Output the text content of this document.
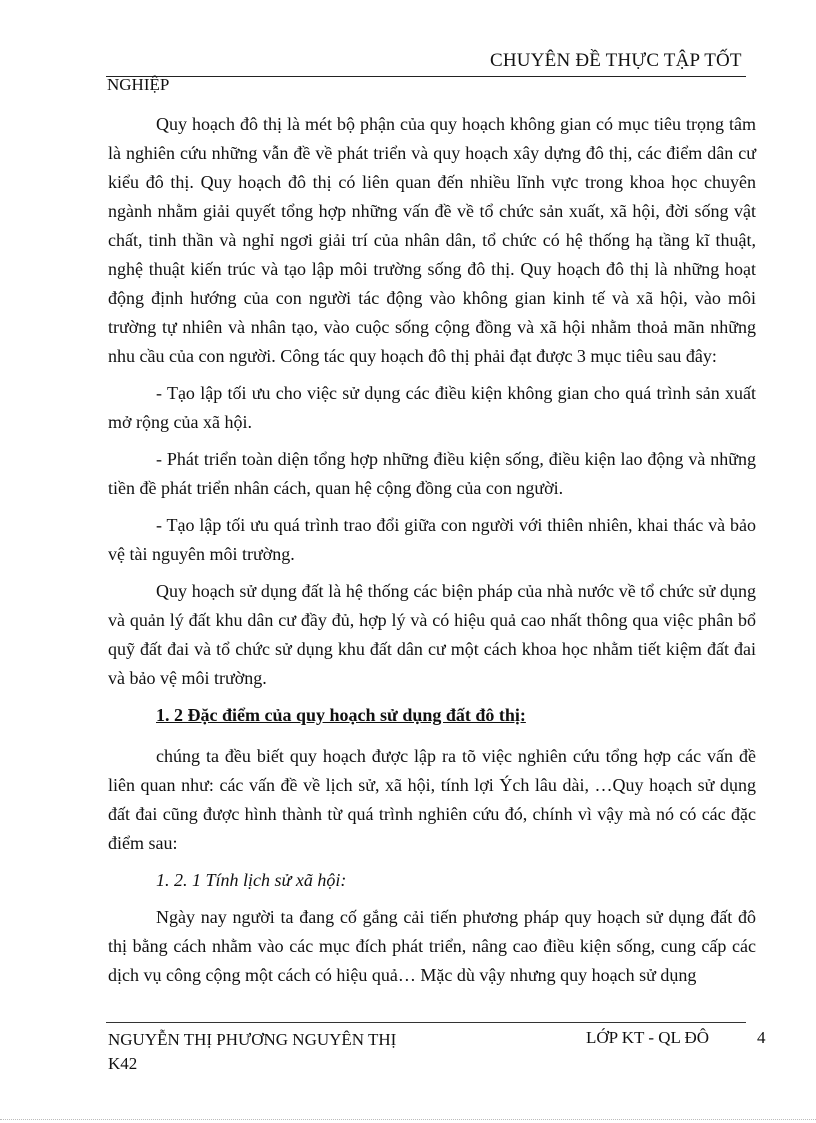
CHUYÊN ĐỀ THỰC TẬP TỐT
NGHIỆP

Quy hoạch đô thị là mét bộ phận của quy hoạch không gian có mục tiêu trọng tâm là nghiên cứu những vẫn đề về phát triển và quy hoạch xây dựng đô thị, các điểm dân cư kiểu đô thị. Quy hoạch đô thị có liên quan đến nhiều lĩnh vực trong khoa học chuyên ngành nhằm giải quyết tổng hợp những vấn đề về tổ chức sản xuất, xã hội, đời sống vật chất, tinh thần và nghỉ ngơi giải trí của nhân dân, tổ chức có hệ thống hạ tầng kĩ thuật, nghệ thuật kiến trúc và tạo lập môi trường sống đô thị. Quy hoạch đô thị là những hoạt động định hướng của con người tác động vào không gian kinh tế và xã hội, vào môi trường tự nhiên và nhân tạo, vào cuộc sống cộng đồng và xã hội nhằm thoả mãn những nhu cầu của con người. Công tác quy hoạch đô thị phải đạt được 3 mục tiêu sau đây:

- Tạo lập tối ưu cho việc sử dụng các điều kiện không gian cho quá trình sản xuất mở rộng của xã hội.

- Phát triển toàn diện tổng hợp những điều kiện sống, điều kiện lao động và những tiền đề phát triển nhân cách, quan hệ cộng đồng của con người.

- Tạo lập tối ưu quá trình trao đổi giữa con người với thiên nhiên, khai thác và bảo vệ tài nguyên môi trường.

Quy hoạch sử dụng đất là hệ thống các biện pháp của nhà nước về tổ chức sử dụng và quản lý đất khu dân cư đầy đủ, hợp lý và có hiệu quả cao nhất thông qua việc phân bổ quỹ đất đai và tổ chức sử dụng khu đất dân cư một cách khoa học nhằm tiết kiệm đất đai và bảo vệ môi trường.

1. 2 Đặc điểm của quy hoạch sử dụng đất đô thị:

chúng ta đều biết quy hoạch được lập ra tõ việc nghiên cứu tổng hợp các vấn đề liên quan như: các vấn đề về lịch sử, xã hội, tính lợi Ých lâu dài, …Quy hoạch sử dụng đất đai cũng được hình thành từ quá trình nghiên cứu đó, chính vì vậy mà nó có các đặc điểm sau:

1. 2. 1 Tính lịch sử xã hội:

Ngày nay người ta đang cố gắng cải tiến phương pháp quy hoạch sử dụng đất đô thị bằng cách nhằm vào các mục đích phát triển, nâng cao điều kiện sống, cung cấp các dịch vụ công cộng một cách có hiệu quả… Mặc dù vậy nhưng quy hoạch sử dụng

NGUYỄN THỊ PHƯƠNG NGUYÊN THỊ K42
LỚP KT - QL ĐÔ	4
